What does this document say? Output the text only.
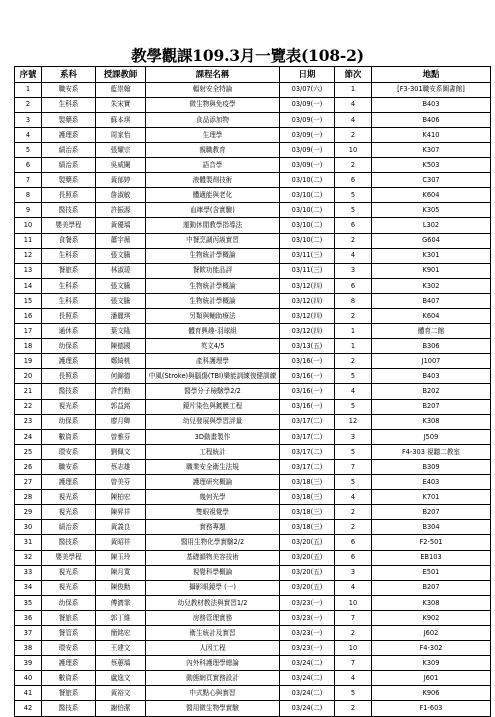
教學觀課109.3月一覽表(108-2)
序號	系科	授課教師	課程名稱	日期	節次	地點
1	職安系	藍崇翰	輻射安全特論	03/07(六)	1	[F3-301職安系圖書館]
2	生科系	朱宋寶	微生物與免疫學	03/09(一)	4	B403
3	製藥系	蘇本琪	食品添加物	03/09(一)	4	B406
4	護理系	周家怡	生理學	03/09(一)	2	K410
5	績治系	張耀宗	親職教育	03/09(一)	10	K307
6	績治系	吳威闌	語音學	03/09(一)	2	K503
7	製藥系	黃郁婷	液體製劑技術	03/10(二)	6	C307
8	長照系	詹淑敏	體適能與老化	03/10(二)	5	K604
9	醫技系	許振源	血庫學(含實驗)	03/10(二)	5	K305
10	嬰美學程	黃優瑀	運動休閒教學指導法	03/10(二)	6	L302
11	食餐系	蕭宇薇	中餐烹調丙級實習	03/10(二)	2	G604
12	生科系	張文騰	生物統計學概論	03/11(三)	4	K301
13	餐旅系	林淑瑗	餐飲功能品評	03/11(三)	3	K901
14	生科系	張文騰	生物統計學概論	03/12(四)	6	K302
15	生科系	張文騰	生物統計學概論	03/12(四)	8	B407
16	長照系	潘麗琪	另類與輔助療法	03/12(四)	2	K604
17	通休系	葉文隆	體育興趣-羽球組	03/12(四)	1	體育二館
18	幼保系	陳德國	英文4/5	03/13(五)	1	B306
19	護理系	鄭綺桃	產科護理學	03/16(一)	2	J1007
20	長照系	何錦德	中風(Stroke)與腦傷(TBI)樂能訓練復健訓練	03/16(一)	5	B403
21	醫技系	許哲勳	醫學分子檢驗學2/2	03/16(一)	4	B202
22	視光系	郭益銘	鏡片染色與鍍膜工程	03/16(一)	5	B207
23	幼保系	廖月卿	幼兒發展與學習評量	03/17(二)	12	K308
24	數資系	曾雅芬	3D動畫製作	03/17(二)	3	J509
25	環安系	劉佩文	工程統計	03/17(二)	5	F4-303 視聽二教室
26	職安系	蔡志雄	職業安全衛生法規	03/17(二)	7	B309
27	護理系	曾美芬	護理研究概論	03/18(三)	5	E403
28	視光系	陳柏宏	幾何光學	03/18(三)	4	K701
29	視光系	陳昇祥	雙眼視覺學	03/18(三)	2	B207
30	績治系	黃義良	實務專題	03/18(三)	2	B304
31	醫技系	黃昭祥	醫用生物化學實驗2/2	03/20(五)	6	F2-501
32	嬰美學程	陳玉玲	基礎韻物美容技術	03/20(五)	6	EB103
33	視光系	陳月寬	視覺科學概論	03/20(五)	3	E501
34	視光系	陳俊勳	攝影眼鏡學 (一)	03/20(五)	4	B207
35	幼保系	傅濟霏	幼兒教材教法與實習1/2	03/23(一)	10	K308
36	餐旅系	郭丁維	房務管理實務	03/23(一)	7	K902
37	餐管系	簡銘宏	衛生統計及實習	03/23(一)	2	J602
38	環安系	王建文	人因工程	03/23(一)	10	F4-302
39	護理系	蔡蕙瑀	內外科護理學總論	03/24(二)	7	K309
40	數資系	盧逸文	動態網頁實務設計	03/24(二)	4	J601
41	餐旅系	黃裕文	中式點心與實習	03/24(二)	5	K906
42	醫技系	謝伯潔	醫用微生物學實驗	03/24(二)	2	F1-603
